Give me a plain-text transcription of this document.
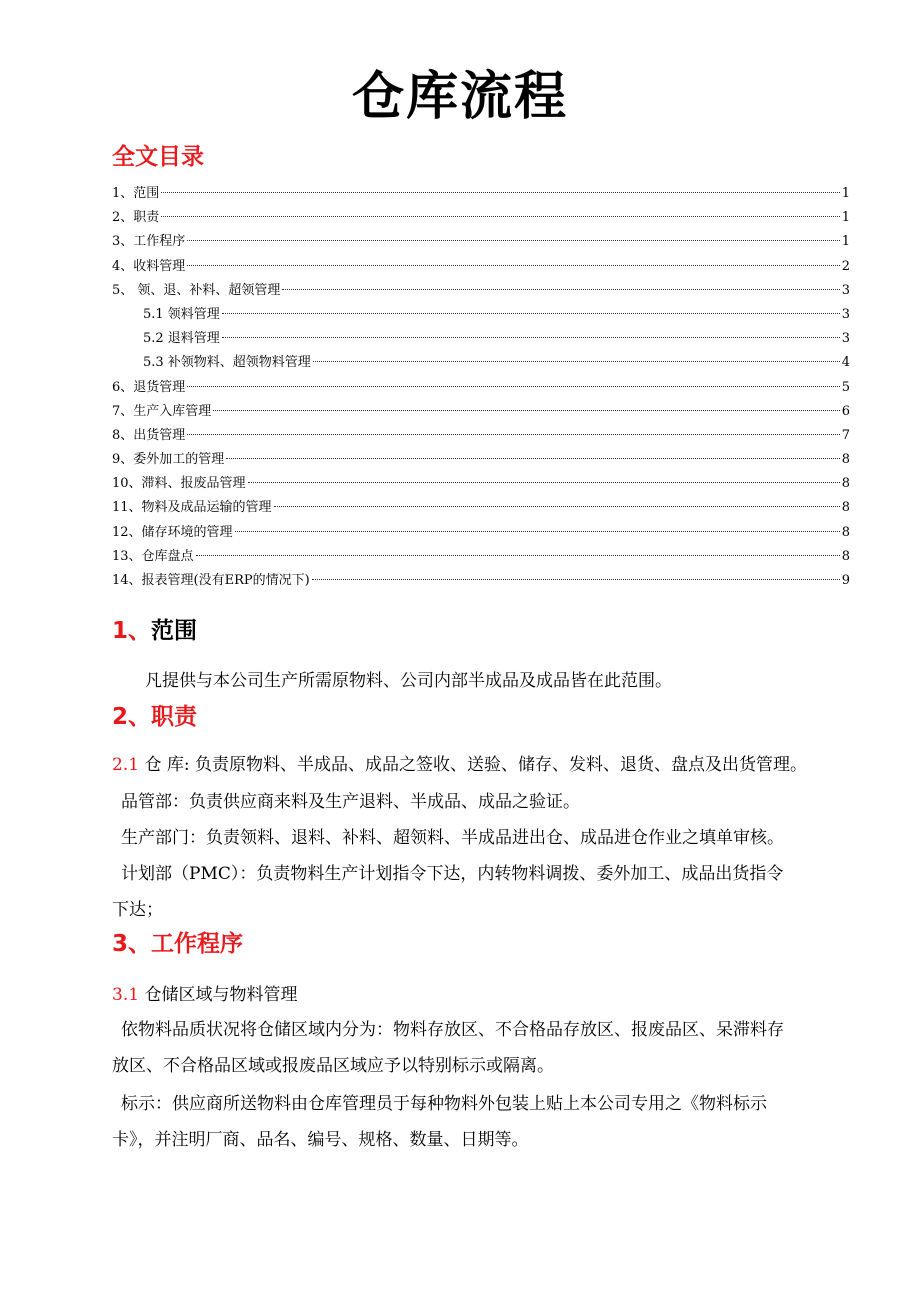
仓库流程
全文目录
1、范围	1
2、职责	1
3、工作程序	1
4、收料管理	2
5、 领、退、补料、超领管理	3
5.1 领料管理	3
5.2 退料管理	3
5.3 补领物料、超领物料管理	4
6、退货管理	5
7、生产入库管理	6
8、出货管理	7
9、委外加工的管理	8
10、滞料、报废品管理	8
11、物料及成品运输的管理	8
12、储存环境的管理	8
13、仓库盘点	8
14、报表管理(没有ERP的情况下)	9
1、范围
凡提供与本公司生产所需原物料、公司内部半成品及成品皆在此范围。
2、职责
2.1 仓 库: 负责原物料、半成品、成品之签收、送验、储存、发料、退货、盘点及出货管理。
品管部：负责供应商来料及生产退料、半成品、成品之验证。
生产部门：负责领料、退料、补料、超领料、半成品进出仓、成品进仓作业之填单审核。
计划部（PMC）：负责物料生产计划指令下达，内转物料调拨、委外加工、成品出货指令
下达；
3、工作程序
3.1 仓储区域与物料管理
依物料品质状况将仓储区域内分为：物料存放区、不合格品存放区、报废品区、呆滞料存
放区、不合格品区域或报废品区域应予以特别标示或隔离。
标示：供应商所送物料由仓库管理员于每种物料外包装上贴上本公司专用之《物料标示
卡》，并注明厂商、品名、编号、规格、数量、日期等。
